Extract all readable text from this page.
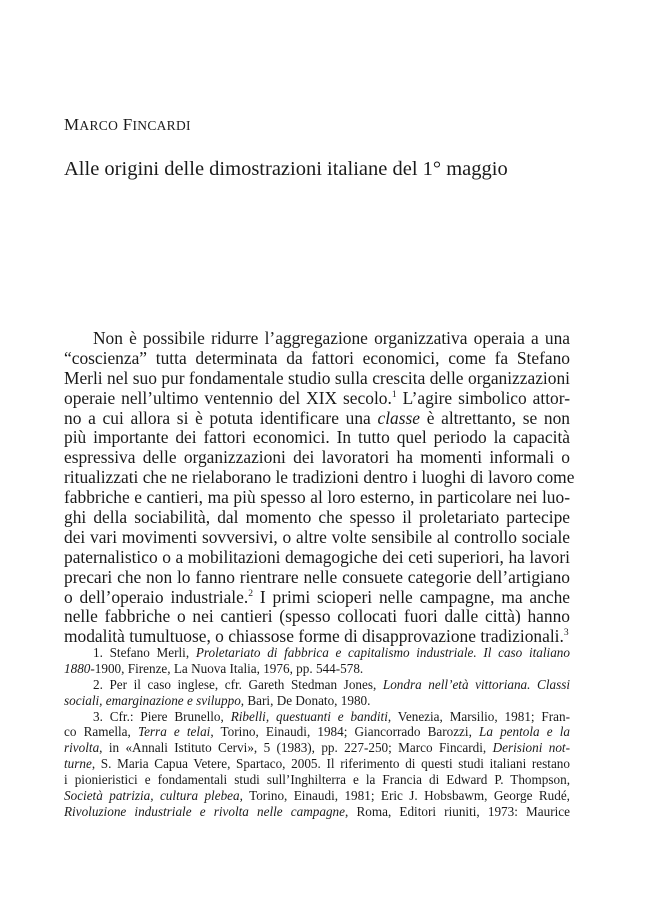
MARCO FINCARDI
Alle origini delle dimostrazioni italiane del 1° maggio
Non è possibile ridurre l’aggregazione organizzativa operaia a una
“coscienza” tutta determinata da fattori economici, come fa Stefano
Merli nel suo pur fondamentale studio sulla crescita delle organizzazioni
operaie nell’ultimo ventennio del XIX secolo.$^1$ L’agire simbolico attor-
no a cui allora si è potuta identificare una classe è altrettanto, se non
più importante dei fattori economici. In tutto quel periodo la capacità
espressiva delle organizzazioni dei lavoratori ha momenti informali o
ritualizzati che ne rielaborano le tradizioni dentro i luoghi di lavoro come
fabbriche e cantieri, ma più spesso al loro esterno, in particolare nei luo-
ghi della sociabilità, dal momento che spesso il proletariato partecipe
dei vari movimenti sovversivi, o altre volte sensibile al controllo sociale
paternalistico o a mobilitazioni demagogiche dei ceti superiori, ha lavori
precari che non lo fanno rientrare nelle consuete categorie dell’artigiano
o dell’operaio industriale.$^2$ I primi scioperi nelle campagne, ma anche
nelle fabbriche o nei cantieri (spesso collocati fuori dalle città) hanno
modalità tumultuose, o chiassose forme di disapprovazione tradizionali.$^3$
1. Stefano Merli, Proletariato di fabbrica e capitalismo industriale. Il caso italiano
1880-1900, Firenze, La Nuova Italia, 1976, pp. 544-578.
2. Per il caso inglese, cfr. Gareth Stedman Jones, Londra nell’età vittoriana. Classi
sociali, emarginazione e sviluppo, Bari, De Donato, 1980.
3. Cfr.: Piere Brunello, Ribelli, questuanti e banditi, Venezia, Marsilio, 1981; Fran-
co Ramella, Terra e telai, Torino, Einaudi, 1984; Giancorrado Barozzi, La pentola e la
rivolta, in «Annali Istituto Cervi», 5 (1983), pp. 227-250; Marco Fincardi, Derisioni not-
turne, S. Maria Capua Vetere, Spartaco, 2005. Il riferimento di questi studi italiani restano
i pionieristici e fondamentali studi sull’Inghilterra e la Francia di Edward P. Thompson,
Società patrizia, cultura plebea, Torino, Einaudi, 1981; Eric J. Hobsbawm, George Rudé,
Rivoluzione industriale e rivolta nelle campagne, Roma, Editori riuniti, 1973: Maurice
